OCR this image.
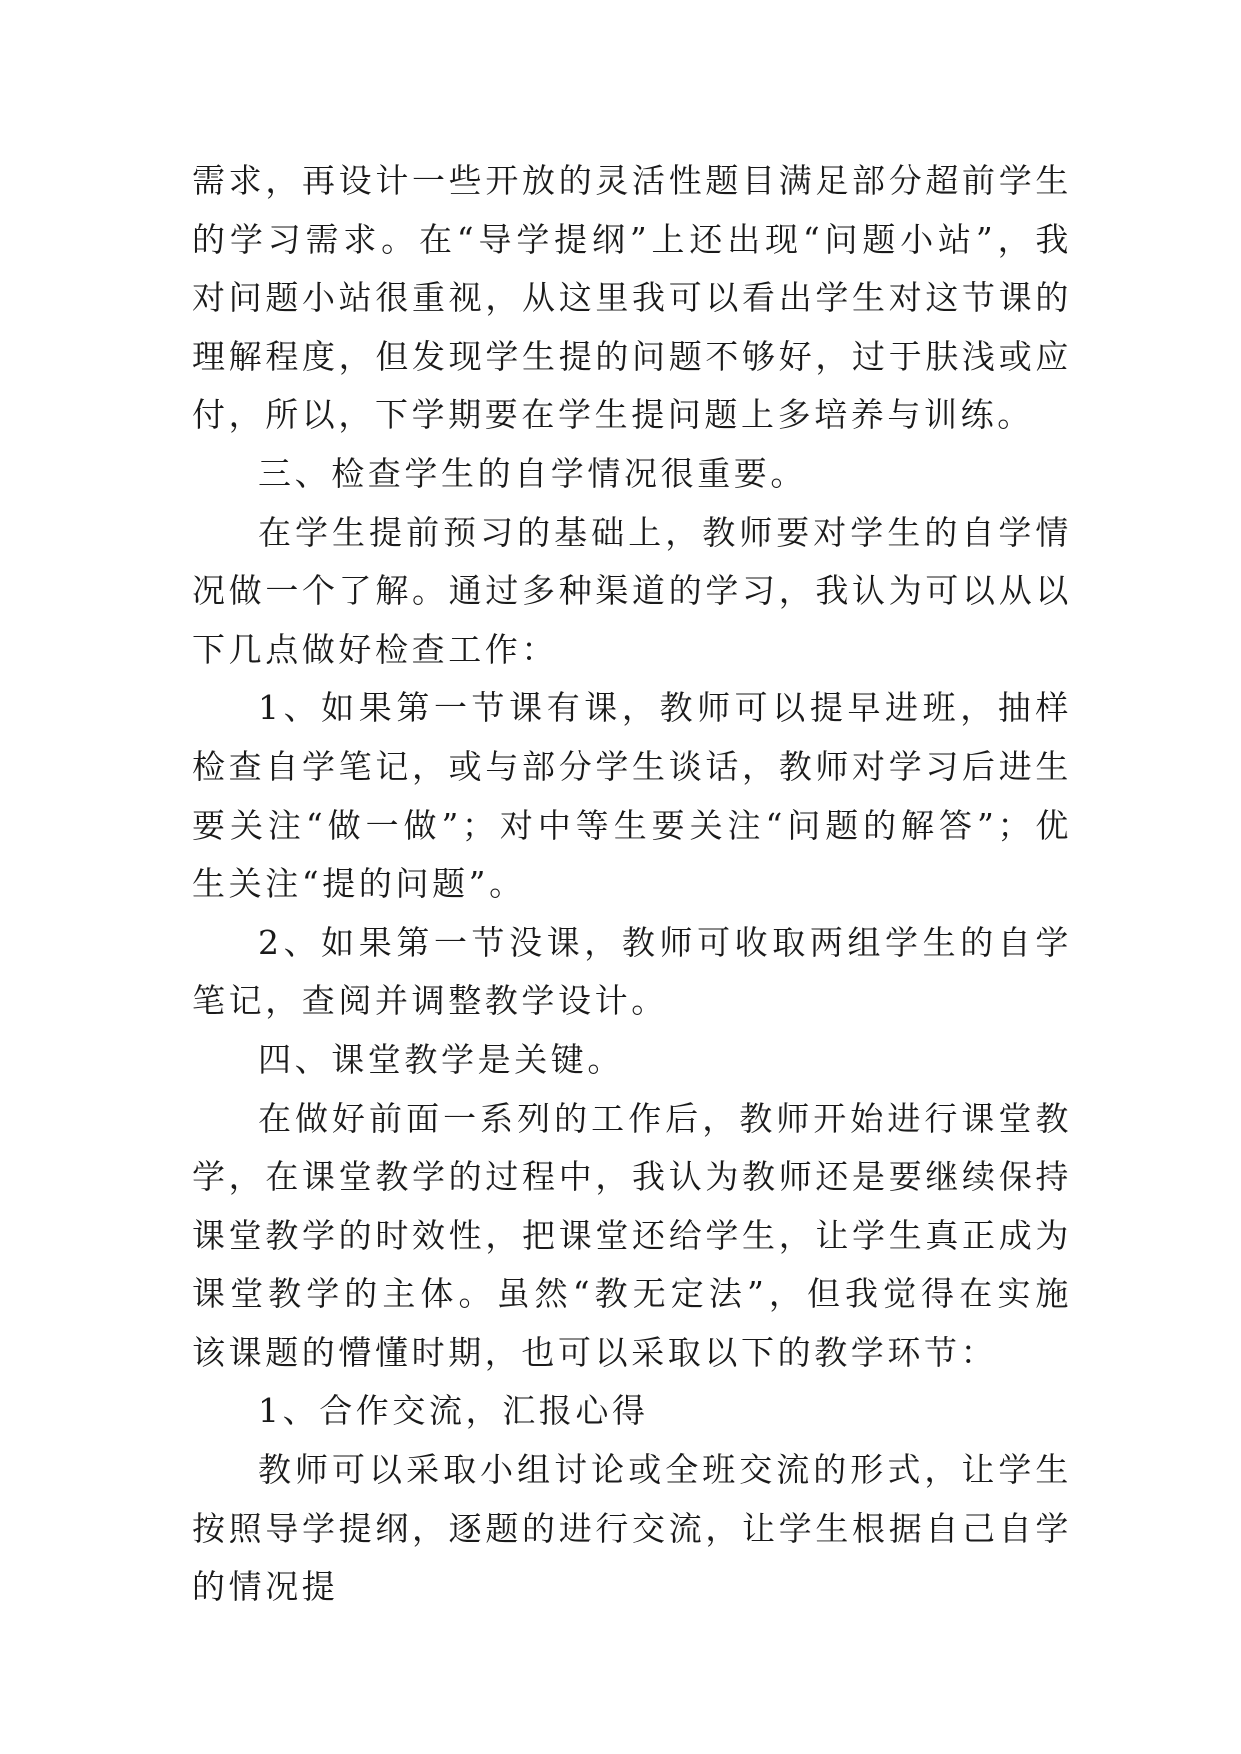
需求，再设计一些开放的灵活性题目满足部分超前学生的学习需求。在“导学提纲”上还出现“问题小站”，我对问题小站很重视，从这里我可以看出学生对这节课的理解程度，但发现学生提的问题不够好，过于肤浅或应付，所以，下学期要在学生提问题上多培养与训练。

三、检查学生的自学情况很重要。

在学生提前预习的基础上，教师要对学生的自学情况做一个了解。通过多种渠道的学习，我认为可以从以下几点做好检查工作：

1、如果第一节课有课，教师可以提早进班，抽样检查自学笔记，或与部分学生谈话，教师对学习后进生要关注“做一做”；对中等生要关注“问题的解答”；优生关注“提的问题”。

2、如果第一节没课，教师可收取两组学生的自学笔记，查阅并调整教学设计。

四、课堂教学是关键。

在做好前面一系列的工作后，教师开始进行课堂教学，在课堂教学的过程中，我认为教师还是要继续保持课堂教学的时效性，把课堂还给学生，让学生真正成为课堂教学的主体。虽然“教无定法”，但我觉得在实施该课题的懵懂时期，也可以采取以下的教学环节：

1、合作交流，汇报心得

教师可以采取小组讨论或全班交流的形式，让学生按照导学提纲，逐题的进行交流，让学生根据自己自学的情况提
